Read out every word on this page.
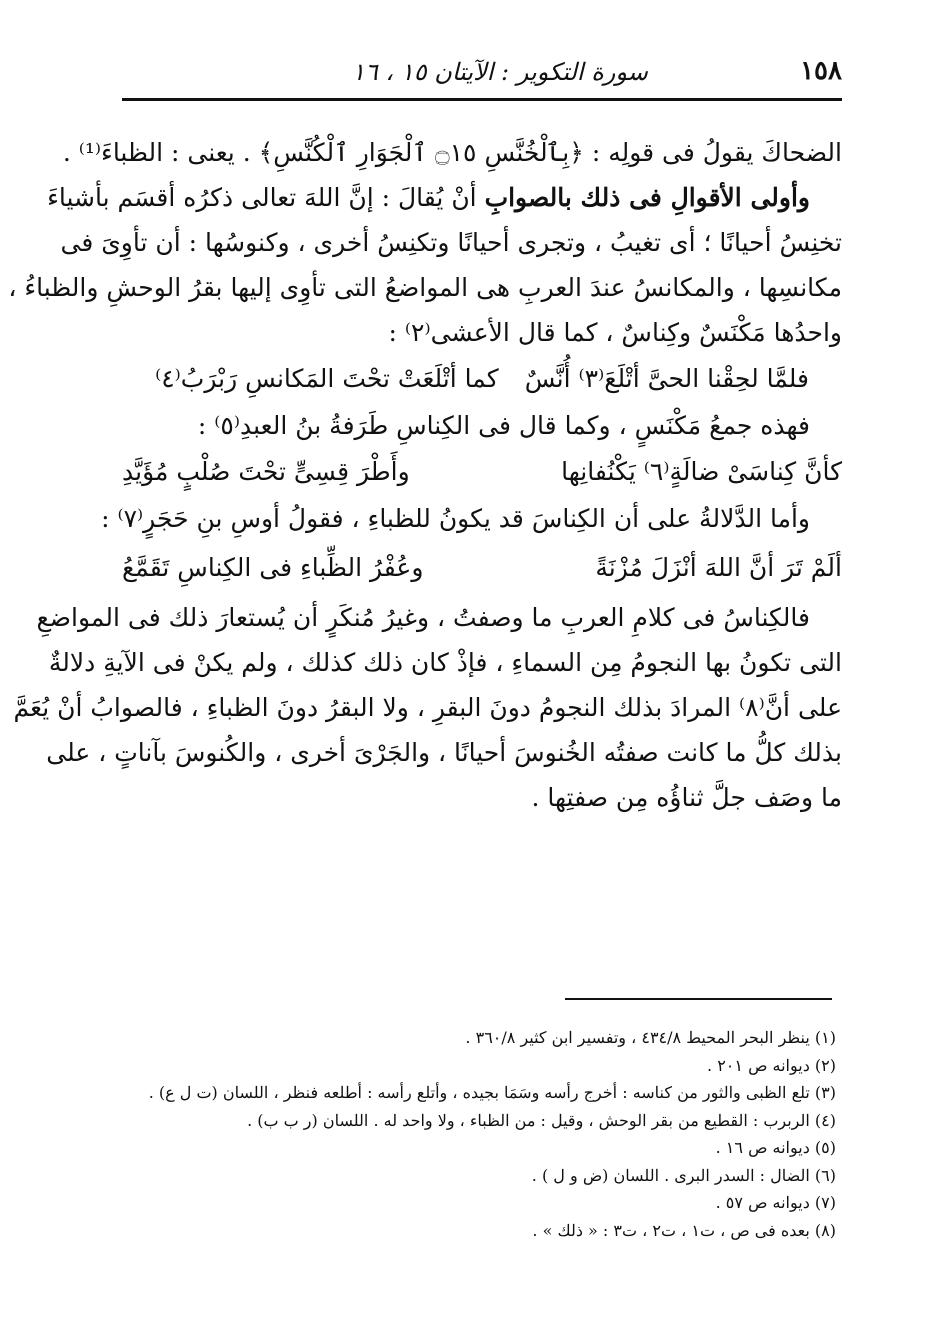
١٥٨
سورة التكوير : الآيتان ١٥ ، ١٦
الضحاكَ يقولُ فى قولِه : ﴿بِٱلْخُنَّسِ ۝١٥ ٱلْجَوَارِ ٱلْكُنَّسِ﴾ . يعنى : الظباءَ⁽¹⁾ .
وأولى الأقوالِ فى ذلك بالصوابِ أنْ يُقالَ : إنَّ اللهَ تعالى ذكرُه أقسَم بأشياءَ
تخنِسُ أحيانًا ؛ أى تغيبُ ، وتجرى أحيانًا وتكنِسُ أخرى ، وكنوسُها : أن تأوِىَ فى
مكانسِها ، والمكانسُ عندَ العربِ هى المواضعُ التى تأوِى إليها بقرُ الوحشِ والظباءُ ،
واحدُها مَكْنَسٌ وكِناسٌ ، كما قال الأعشى⁽٢⁾ :
فلمَّا لحِقْنا الحىَّ أتْلَعَ⁽٣⁾ أُنَّسٌ
كما أتْلَعَتْ تحْتَ المَكانسِ رَبْرَبُ⁽٤⁾
فهذه جمعُ مَكْنَسٍ ، وكما قال فى الكِناسِ طَرَفةُ بنُ العبدِ⁽٥⁾ :
كأنَّ كِناسَىْ ضالَةٍ⁽٦⁾ يَكْنُفانِها
وأَطْرَ قِسِىٍّ تحْتَ صُلْبٍ مُؤَيَّدِ
وأما الدَّلالةُ على أن الكِناسَ قد يكونُ للظباءِ ، فقولُ أوسِ بنِ حَجَرٍ⁽٧⁾ :
ألَمْ تَرَ أنَّ اللهَ أنْزَلَ مُزْنَةً
وعُفْرُ الظِّباءِ فى الكِناسِ تَقَمَّعُ
فالكِناسُ فى كلامِ العربِ ما وصفتُ ، وغيرُ مُنكَرٍ أن يُستعارَ ذلك فى المواضعِ
التى تكونُ بها النجومُ مِن السماءِ ، فإذْ كان ذلك كذلك ، ولم يكنْ فى الآيةِ دلالةٌ
على أنَّ⁽٨⁾ المرادَ بذلك النجومُ دونَ البقرِ ، ولا البقرُ دونَ الظباءِ ، فالصوابُ أنْ يُعَمَّ
بذلك كلُّ ما كانت صفتُه الخُنوسَ أحيانًا ، والجَرْىَ أخرى ، والكُنوسَ بآناتٍ ، على
ما وصَف جلَّ ثناؤُه مِن صفتِها .
(١) ينظر البحر المحيط ٤٣٤/٨ ، وتفسير ابن كثير ٣٦٠/٨ .
(٢) ديوانه ص ٢٠١ .
(٣) تلع الظبى والثور من كناسه : أخرج رأسه وسَمَا بجيده ، وأتلع رأسه : أطلعه فنظر ، اللسان (ت ل ع) .
(٤) الربرب : القطيع من بقر الوحش ، وقيل : من الظباء ، ولا واحد له . اللسان (ر ب ب) .
(٥) ديوانه ص ١٦ .
(٦) الضال : السدر البرى . اللسان (ض و ل ) .
(٧) ديوانه ص ٥٧ .
(٨) بعده فى ص ، ت١ ، ت٢ ، ت٣ : « ذلك » .
